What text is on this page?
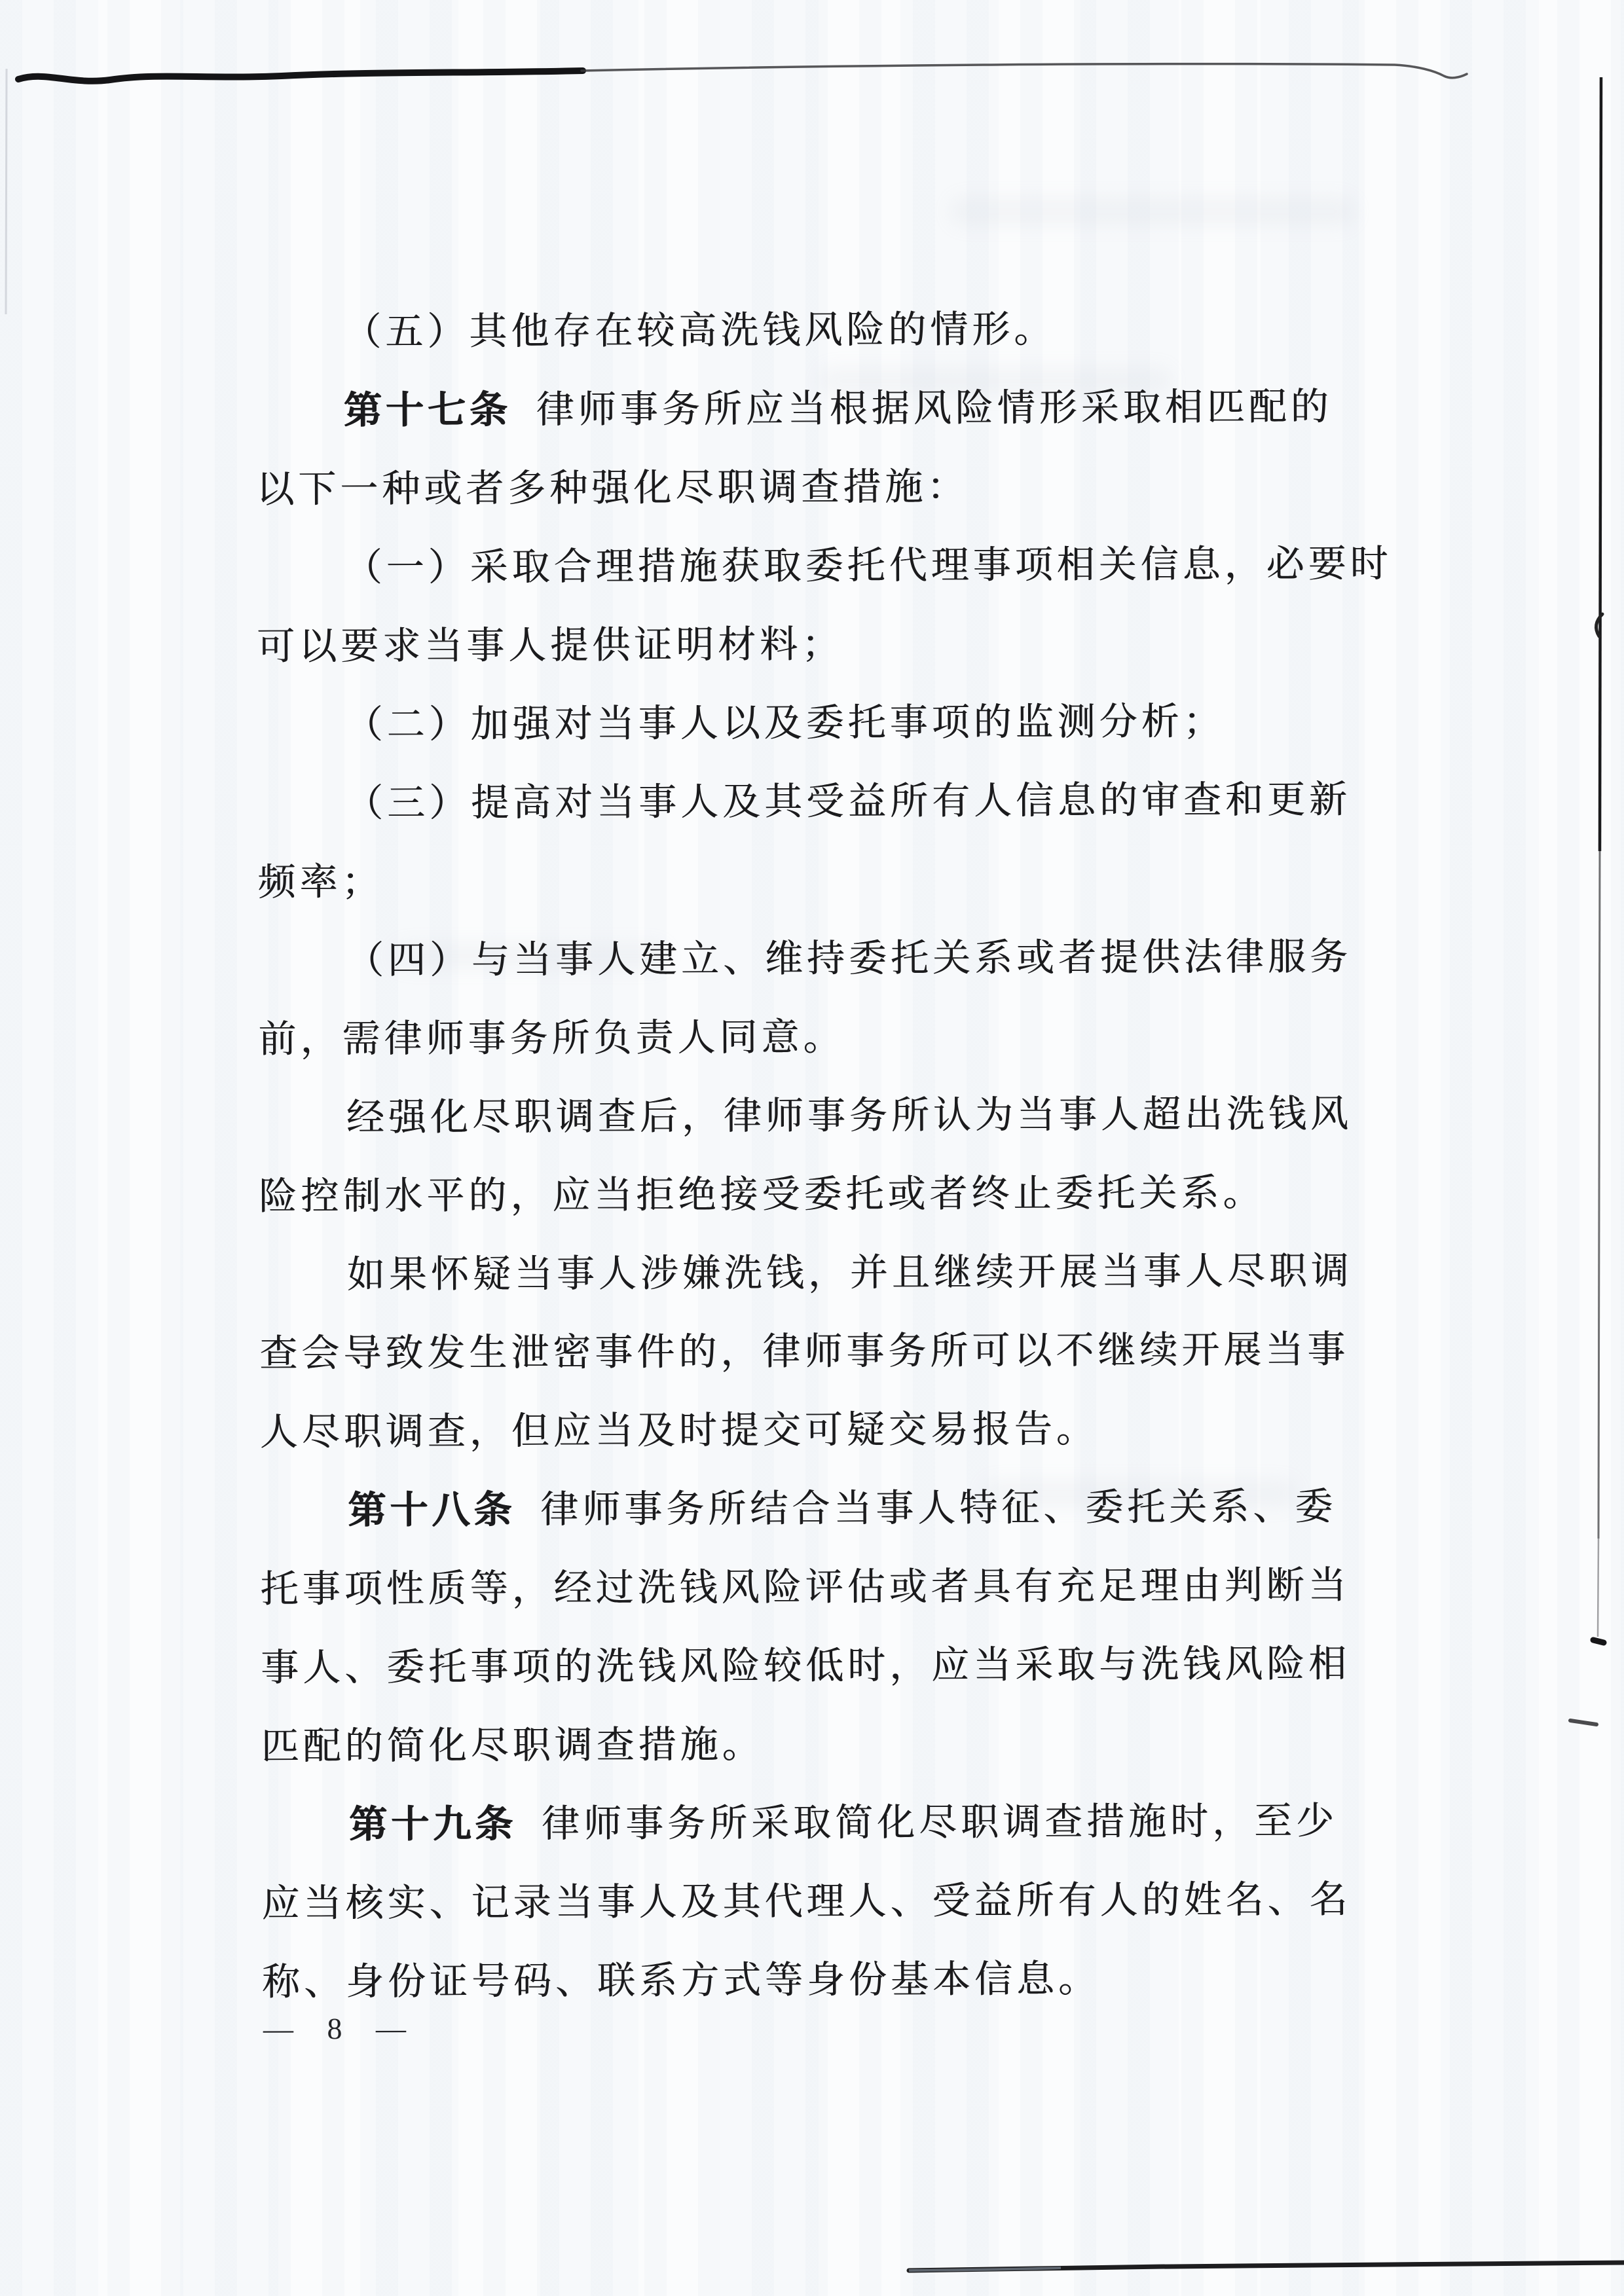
（五）其他存在较高洗钱风险的情形。
第十七条 律师事务所应当根据风险情形采取相匹配的
以下一种或者多种强化尽职调查措施：
（一）采取合理措施获取委托代理事项相关信息，必要时
可以要求当事人提供证明材料；
（二）加强对当事人以及委托事项的监测分析；
（三）提高对当事人及其受益所有人信息的审查和更新
频率；
（四）与当事人建立、维持委托关系或者提供法律服务
前，需律师事务所负责人同意。
经强化尽职调查后，律师事务所认为当事人超出洗钱风
险控制水平的，应当拒绝接受委托或者终止委托关系。
如果怀疑当事人涉嫌洗钱，并且继续开展当事人尽职调
查会导致发生泄密事件的，律师事务所可以不继续开展当事
人尽职调查，但应当及时提交可疑交易报告。
第十八条 律师事务所结合当事人特征、委托关系、委
托事项性质等，经过洗钱风险评估或者具有充足理由判断当
事人、委托事项的洗钱风险较低时，应当采取与洗钱风险相
匹配的简化尽职调查措施。
第十九条 律师事务所采取简化尽职调查措施时，至少
应当核实、记录当事人及其代理人、受益所有人的姓名、名
称、身份证号码、联系方式等身份基本信息。
— 8 —
